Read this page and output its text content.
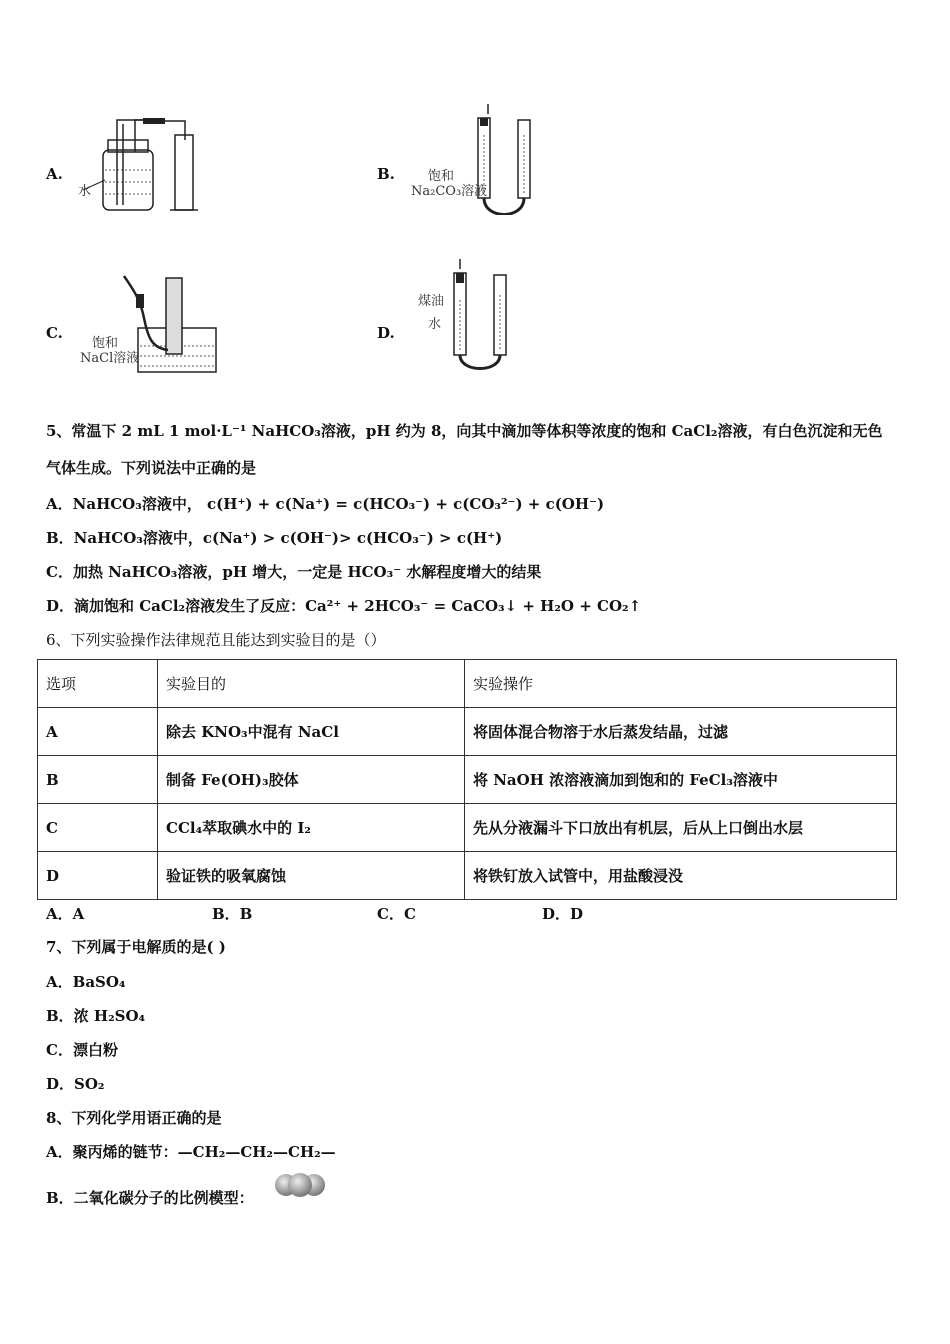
A.
水
B.	饱和
Na₂CO₃溶液
C.
饱和
NaCl溶液
D.
煤油
水
5、常温下 2 mL 1 mol·L⁻¹ NaHCO₃溶液，pH 约为 8，向其中滴加等体积等浓度的饱和 CaCl₂溶液，有白色沉淀和无色
气体生成。下列说法中正确的是
A．NaHCO₃溶液中， c(H⁺) + c(Na⁺) = c(HCO₃⁻) + c(CO₃²⁻) + c(OH⁻)
B．NaHCO₃溶液中，c(Na⁺) > c(OH⁻)> c(HCO₃⁻) > c(H⁺)
C．加热 NaHCO₃溶液，pH 增大，一定是 HCO₃⁻ 水解程度增大的结果
D．滴加饱和 CaCl₂溶液发生了反应：Ca²⁺ + 2HCO₃⁻ = CaCO₃↓ + H₂O + CO₂↑
6、下列实验操作法律规范且能达到实验目的是（）
选项	实验目的	实验操作
A	除去 KNO₃中混有 NaCl	将固体混合物溶于水后蒸发结晶，过滤
B	制备 Fe(OH)₃胶体	将 NaOH 浓溶液滴加到饱和的 FeCl₃溶液中
C	CCl₄萃取碘水中的 I₂	先从分液漏斗下口放出有机层，后从上口倒出水层
D	验证铁的吸氧腐蚀	将铁钉放入试管中，用盐酸浸没
A．A	B．B	C．C	D．D
7、下列属于电解质的是( )
A．BaSO₄
B．浓 H₂SO₄
C．漂白粉
D．SO₂
8、下列化学用语正确的是
A．聚丙烯的链节：—CH₂—CH₂—CH₂—
B．二氧化碳分子的比例模型：
